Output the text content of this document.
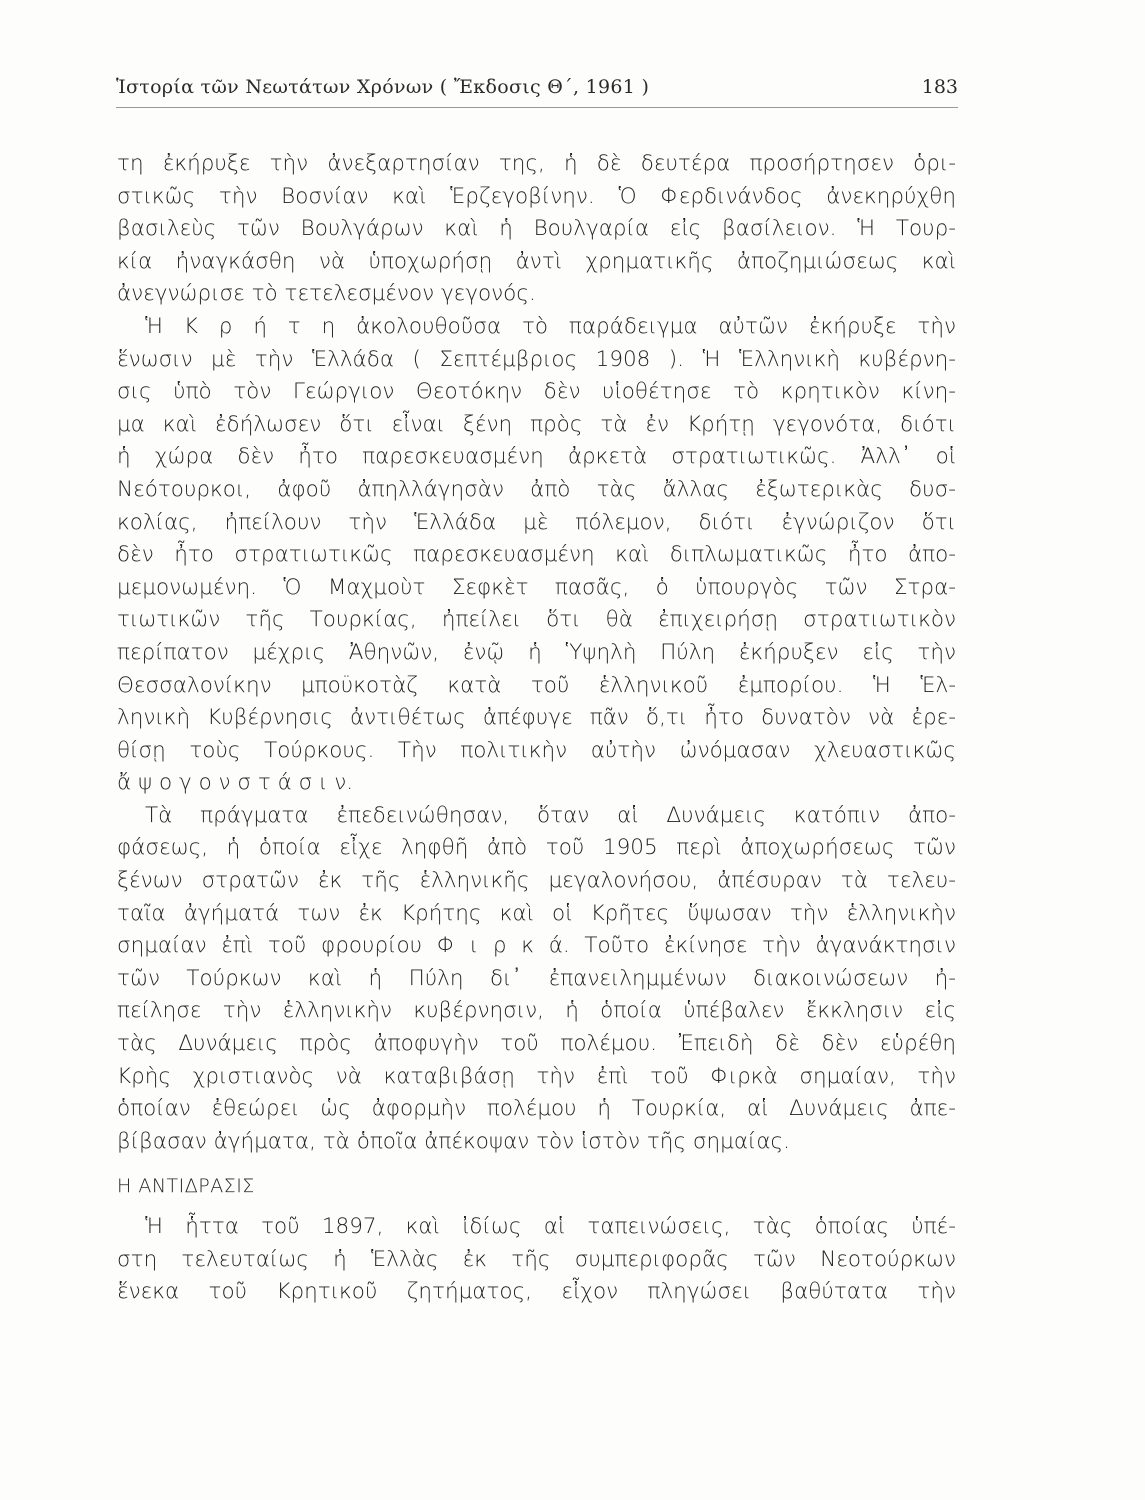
Ἱστορία τῶν Νεωτάτων Χρόνων ( Ἔκδοσις Θ΄, 1961 )	183
τη ἐκήρυξε τὴν ἀνεξαρτησίαν της, ἡ δὲ δευτέρα προσήρτησεν ὁρι-
στικῶς τὴν Βοσνίαν καὶ Ἑρζεγοβίνην. Ὁ Φερδινάνδος ἀνεκηρύχθη
βασιλεὺς τῶν Βουλγάρων καὶ ἡ Βουλγαρία εἰς βασίλειον. Ἡ Τουρ-
κία ἠναγκάσθη νὰ ὑποχωρήσῃ ἀντὶ χρηματικῆς ἀποζημιώσεως καὶ
ἀνεγνώρισε τὸ τετελεσμένον γεγονός.
Ἡ Κ ρ ή τ η ἀκολουθοῦσα τὸ παράδειγμα αὐτῶν ἐκήρυξε τὴν
ἕνωσιν μὲ τὴν Ἑλλάδα ( Σεπτέμβριος 1908 ). Ἡ Ἑλληνικὴ κυβέρνη-
σις ὑπὸ τὸν Γεώργιον Θεοτόκην δὲν υἱοθέτησε τὸ κρητικὸν κίνη-
μα καὶ ἐδήλωσεν ὅτι εἶναι ξένη πρὸς τὰ ἐν Κρήτῃ γεγονότα, διότι
ἡ χώρα δὲν ἦτο παρεσκευασμένη ἀρκετὰ στρατιωτικῶς. Ἀλλ᾽ οἱ
Νεότουρκοι, ἀφοῦ ἀπηλλάγησὰν ἀπὸ τὰς ἄλλας ἐξωτερικὰς δυσ-
κολίας, ἠπείλουν τὴν Ἑλλάδα μὲ πόλεμον, διότι ἐγνώριζον ὅτι
δὲν ἦτο στρατιωτικῶς παρεσκευασμένη καὶ διπλωματικῶς ἦτο ἀπο-
μεμονωμένη. Ὁ Μαχμοὺτ Σεφκὲτ πασᾶς, ὁ ὑπουργὸς τῶν Στρα-
τιωτικῶν τῆς Τουρκίας, ἠπείλει ὅτι θὰ ἐπιχειρήσῃ στρατιωτικὸν
περίπατον μέχρις Ἀθηνῶν, ἐνῷ ἡ Ὑψηλὴ Πύλη ἐκήρυξεν εἰς τὴν
Θεσσαλονίκην μποϋκοτὰζ κατὰ τοῦ ἑλληνικοῦ ἐμπορίου. Ἡ Ἑλ-
ληνικὴ Κυβέρνησις ἀντιθέτως ἀπέφυγε πᾶν ὅ,τι ἦτο δυνατὸν νὰ ἐρε-
θίσῃ τοὺς Τούρκους. Τὴν πολιτικὴν αὐτὴν ὠνόμασαν χλευαστικῶς
ἄ ψ ο γ ο ν σ τ ά σ ι ν.
Τὰ πράγματα ἐπεδεινώθησαν, ὅταν αἱ Δυνάμεις κατόπιν ἀπο-
φάσεως, ἡ ὁποία εἶχε ληφθῆ ἀπὸ τοῦ 1905 περὶ ἀποχωρήσεως τῶν
ξένων στρατῶν ἐκ τῆς ἑλληνικῆς μεγαλονήσου, ἀπέσυραν τὰ τελευ-
ταῖα ἀγήματά των ἐκ Κρήτης καὶ οἱ Κρῆτες ὕψωσαν τὴν ἑλληνικὴν
σημαίαν ἐπὶ τοῦ φρουρίου Φ ι ρ κ ά. Τοῦτο ἐκίνησε τὴν ἀγανάκτησιν
τῶν Τούρκων καὶ ἡ Πύλη δι᾽ ἐπανειλημμένων διακοινώσεων ἠ-
πείλησε τὴν ἑλληνικὴν κυβέρνησιν, ἡ ὁποία ὑπέβαλεν ἔκκλησιν εἰς
τὰς Δυνάμεις πρὸς ἀποφυγὴν τοῦ πολέμου. Ἐπειδὴ δὲ δὲν εὑρέθη
Κρὴς χριστιανὸς νὰ καταβιβάσῃ τὴν ἐπὶ τοῦ Φιρκὰ σημαίαν, τὴν
ὁποίαν ἐθεώρει ὡς ἀφορμὴν πολέμου ἡ Τουρκία, αἱ Δυνάμεις ἀπε-
βίβασαν ἀγήματα, τὰ ὁποῖα ἀπέκοψαν τὸν ἱστὸν τῆς σημαίας.
Η ΑΝΤΙΔΡΑΣΙΣ
Ἡ ἧττα τοῦ 1897, καὶ ἰδίως αἱ ταπεινώσεις, τὰς ὁποίας ὑπέ-
στη τελευταίως ἡ Ἑλλὰς ἐκ τῆς συμπεριφορᾶς τῶν Νεοτούρκων
ἕνεκα τοῦ Κρητικοῦ ζητήματος, εἶχον πληγώσει βαθύτατα τὴν
